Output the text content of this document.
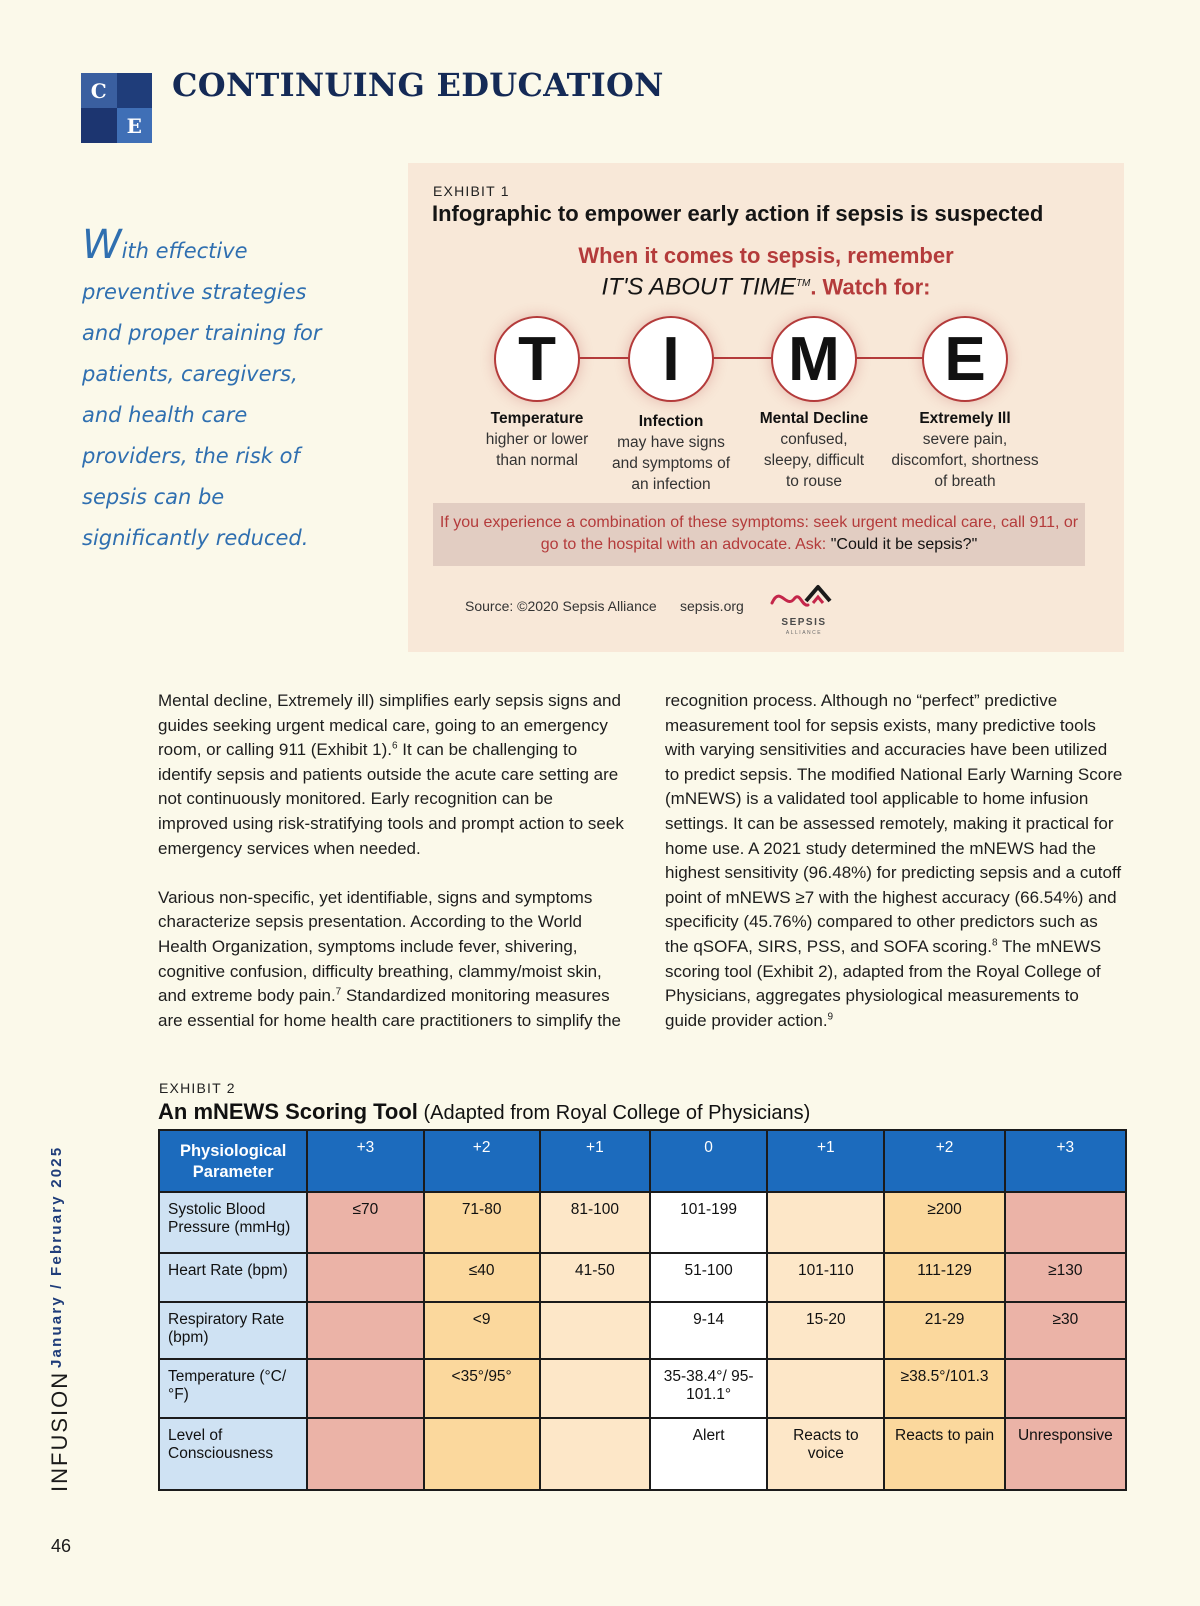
C
E
CONTINUING EDUCATION
With effective preventive strategies and proper training for patients, caregivers, and health care providers, the risk of sepsis can be significantly reduced.
EXHIBIT 1
Infographic to empower early action if sepsis is suspected
When it comes to sepsis, remember
IT'S ABOUT TIME™. Watch for:
T	I	M	E
Temperature
higher or lower than normal
Infection
may have signs and symptoms of an infection
Mental Decline
confused, sleepy, difficult to rouse
Extremely Ill
severe pain, discomfort, shortness of breath
If you experience a combination of these symptoms: seek urgent medical care, call 911, or go to the hospital with an advocate. Ask: "Could it be sepsis?"
Source: ©2020 Sepsis Alliance sepsis.org
SEPSIS
ALLIANCE

Mental decline, Extremely ill) simplifies early sepsis signs and guides seeking urgent medical care, going to an emergency room, or calling 911 (Exhibit 1).$^6$ It can be challenging to identify sepsis and patients outside the acute care setting are not continuously monitored. Early recognition can be improved using risk-stratifying tools and prompt action to seek emergency services when needed.

Various non-specific, yet identifiable, signs and symptoms characterize sepsis presentation. According to the World Health Organization, symptoms include fever, shivering, cognitive confusion, difficulty breathing, clammy/moist skin, and extreme body pain.$^7$ Standardized monitoring measures are essential for home health care practitioners to simplify the

recognition process. Although no “perfect” predictive measurement tool for sepsis exists, many predictive tools with varying sensitivities and accuracies have been utilized to predict sepsis. The modified National Early Warning Score (mNEWS) is a validated tool applicable to home infusion settings. It can be assessed remotely, making it practical for home use. A 2021 study determined the mNEWS had the highest sensitivity (96.48%) for predicting sepsis and a cutoff point of mNEWS ≥7 with the highest accuracy (66.54%) and specificity (45.76%) compared to other predictors such as the qSOFA, SIRS, PSS, and SOFA scoring.$^8$ The mNEWS scoring tool (Exhibit 2), adapted from the Royal College of Physicians, aggregates physiological measurements to guide provider action.$^9$

EXHIBIT 2
An mNEWS Scoring Tool (Adapted from Royal College of Physicians)
Physiological Parameter	+3	+2	+1	0	+1	+2	+3
Systolic Blood Pressure (mmHg)	≤70	71-80	81-100	101-199		≥200	
Heart Rate (bpm)		≤40	41-50	51-100	101-110	111-129	≥130
Respiratory Rate (bpm)		<9		9-14	15-20	21-29	≥30
Temperature (°C/°F)		<35°/95°		35-38.4°/ 95-101.1°		≥38.5°/101.3	
Level of Consciousness				Alert	Reacts to voice	Reacts to pain	Unresponsive
January / February 2025
INFUSION
46
